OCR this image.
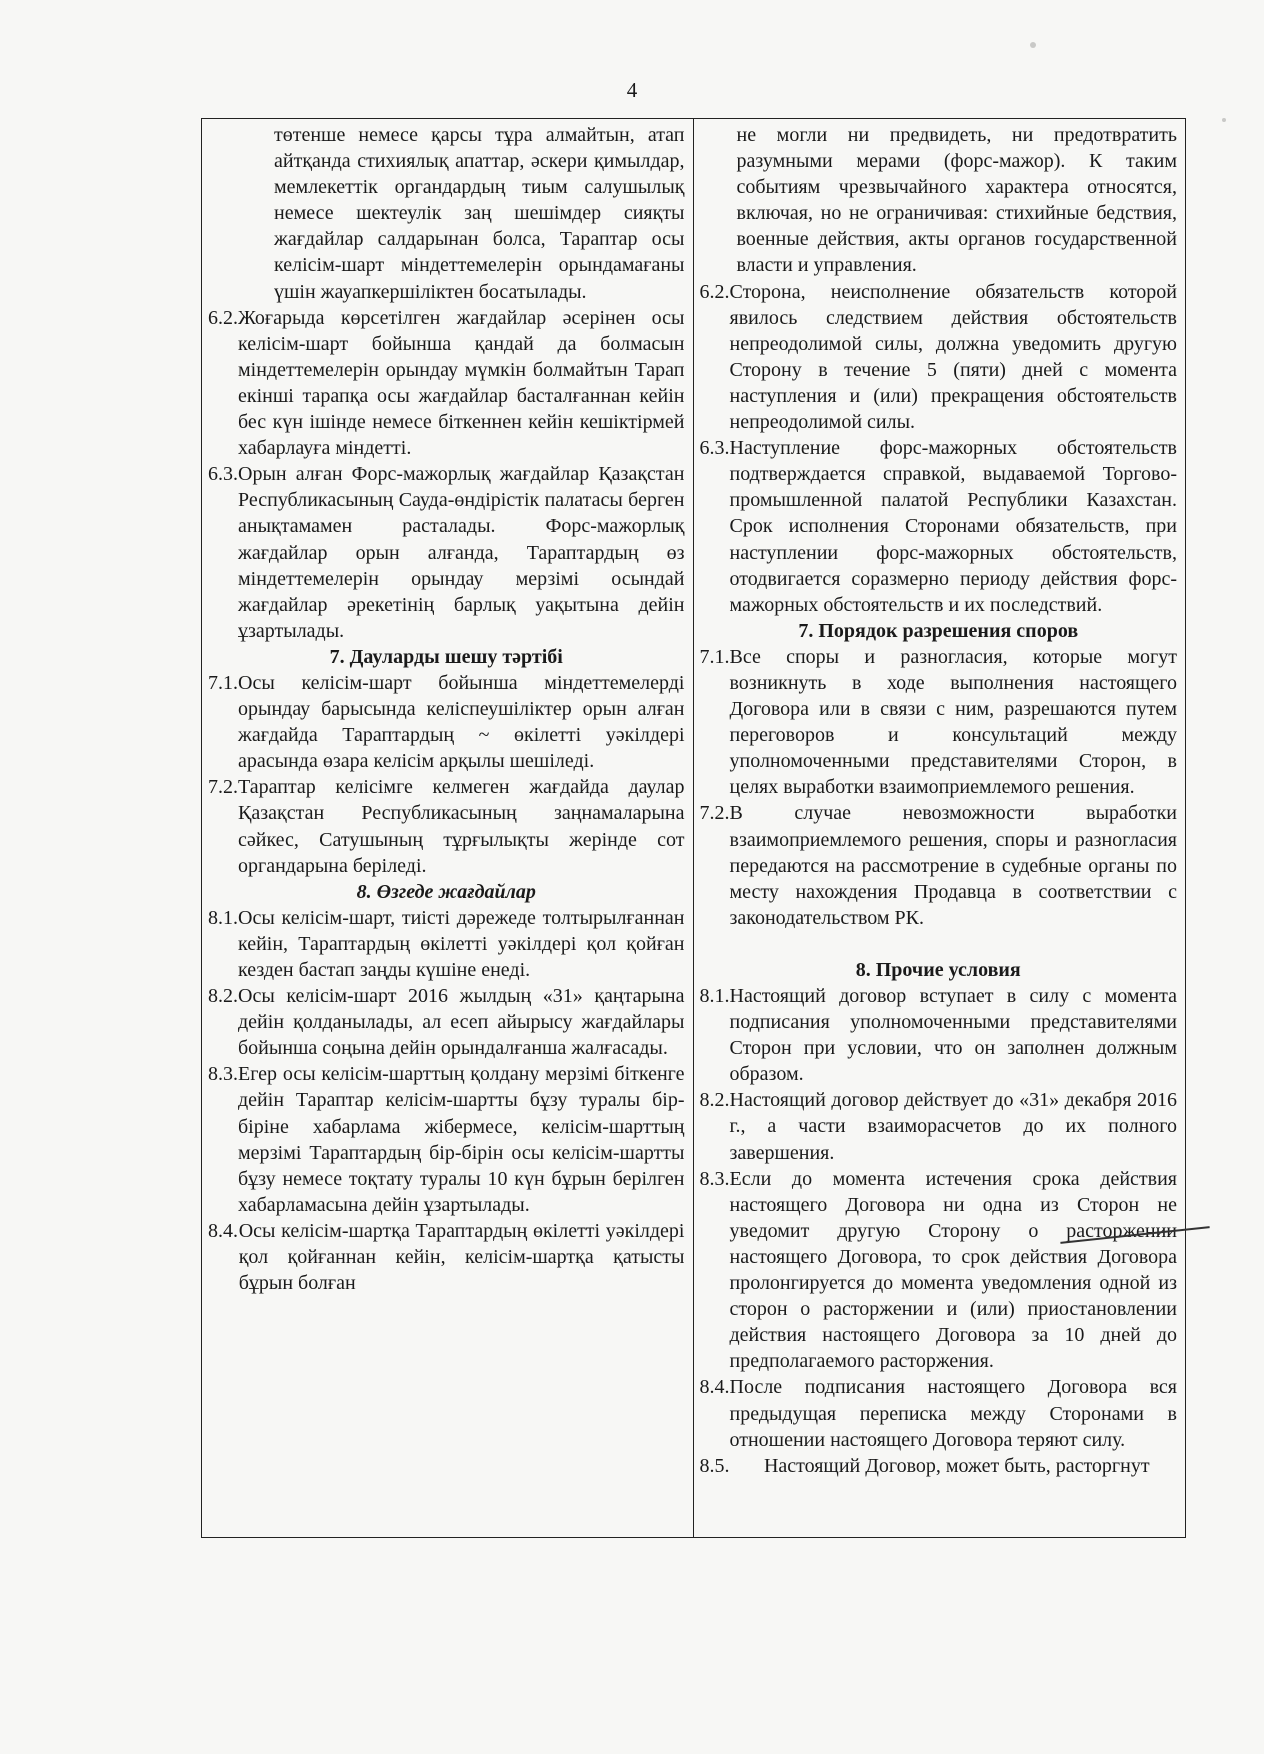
4
төтенше немесе қарсы тұра алмайтын, атап айтқанда стихиялық апаттар, әскери қимылдар, мемлекеттік органдардың тиым салушылық немесе шектеулік заң шешімдер сияқты жағдайлар салдарынан болса, Тараптар осы келісім-шарт міндеттемелерін орындамағаны үшін жауапкершіліктен босатылады.
6.2. Жоғарыда көрсетілген жағдайлар әсерінен осы келісім-шарт бойынша қандай да болмасын міндеттемелерін орындау мүмкін болмайтын Тарап екінші тарапқа осы жағдайлар басталғаннан кейін бес күн ішінде немесе біткеннен кейін кешіктірмей хабарлауға міндетті.
6.3. Орын алған Форс-мажорлық жағдайлар Қазақстан Республикасының Сауда-өндірістік палатасы берген анықтамамен расталады. Форс-мажорлық жағдайлар орын алғанда, Тараптардың өз міндеттемелерін орындау мерзімі осындай жағдайлар әрекетінің барлық уақытына дейін ұзартылады.
7. Дауларды шешу тәртібі
7.1. Осы келісім-шарт бойынша міндеттемелерді орындау барысында келіспеушіліктер орын алған жағдайда Тараптардың ~ өкілетті уәкілдері арасында өзара келісім арқылы шешіледі.
7.2. Тараптар келісімге келмеген жағдайда даулар Қазақстан Республикасының заңнамаларына сәйкес, Сатушының тұрғылықты жерінде сот органдарына беріледі.
8. Өзгеде жағдайлар
8.1. Осы келісім-шарт, тиісті дәрежеде толтырылғаннан кейін, Тараптардың өкілетті уәкілдері қол қойған кезден бастап заңды күшіне енеді.
8.2. Осы келісім-шарт 2016 жылдың «31» қаңтарына дейін қолданылады, ал есеп айырысу жағдайлары бойынша соңына дейін орындалғанша жалғасады.
8.3. Егер осы келісім-шарттың қолдану мерзімі біткенге дейін Тараптар келісім-шартты бұзу туралы бір-біріне хабарлама жібермесе, келісім-шарттың мерзімі Тараптардың бір-бірін осы келісім-шартты бұзу немесе тоқтату туралы 10 күн бұрын берілген хабарламасына дейін ұзартылады.
8.4. Осы келісім-шартқа Тараптардың өкілетті уәкілдері қол қойғаннан кейін, келісім-шартқа қатысты бұрын болған
не могли ни предвидеть, ни предотвратить разумными мерами (форс-мажор). К таким событиям чрезвычайного характера относятся, включая, но не ограничивая: стихийные бедствия, военные действия, акты органов государственной власти и управления.
6.2. Сторона, неисполнение обязательств которой явилось следствием действия обстоятельств непреодолимой силы, должна уведомить другую Сторону в течение 5 (пяти) дней с момента наступления и (или) прекращения обстоятельств непреодолимой силы.
6.3. Наступление форс-мажорных обстоятельств подтверждается справкой, выдаваемой Торгово-промышленной палатой Республики Казахстан. Срок исполнения Сторонами обязательств, при наступлении форс-мажорных обстоятельств, отодвигается соразмерно периоду действия форс-мажорных обстоятельств и их последствий.
7. Порядок разрешения споров
7.1. Все споры и разногласия, которые могут возникнуть в ходе выполнения настоящего Договора или в связи с ним, разрешаются путем переговоров и консультаций между уполномоченными представителями Сторон, в целях выработки взаимоприемлемого решения.
7.2. В случае невозможности выработки взаимоприемлемого решения, споры и разногласия передаются на рассмотрение в судебные органы по месту нахождения Продавца в соответствии с законодательством РК.
8. Прочие условия
8.1. Настоящий договор вступает в силу с момента подписания уполномоченными представителями Сторон при условии, что он заполнен должным образом.
8.2. Настоящий договор действует до «31» декабря 2016 г., а части взаиморасчетов до их полного завершения.
8.3. Если до момента истечения срока действия настоящего Договора ни одна из Сторон не уведомит другую Сторону о расторжении настоящего Договора, то срок действия Договора пролонгируется до момента уведомления одной из сторон о расторжении и (или) приостановлении действия настоящего Договора за 10 дней до предполагаемого расторжения.
8.4. После подписания настоящего Договора вся предыдущая переписка между Сторонами в отношении настоящего Договора теряют силу.
8.5.	Настоящий Договор, может быть, расторгнут
